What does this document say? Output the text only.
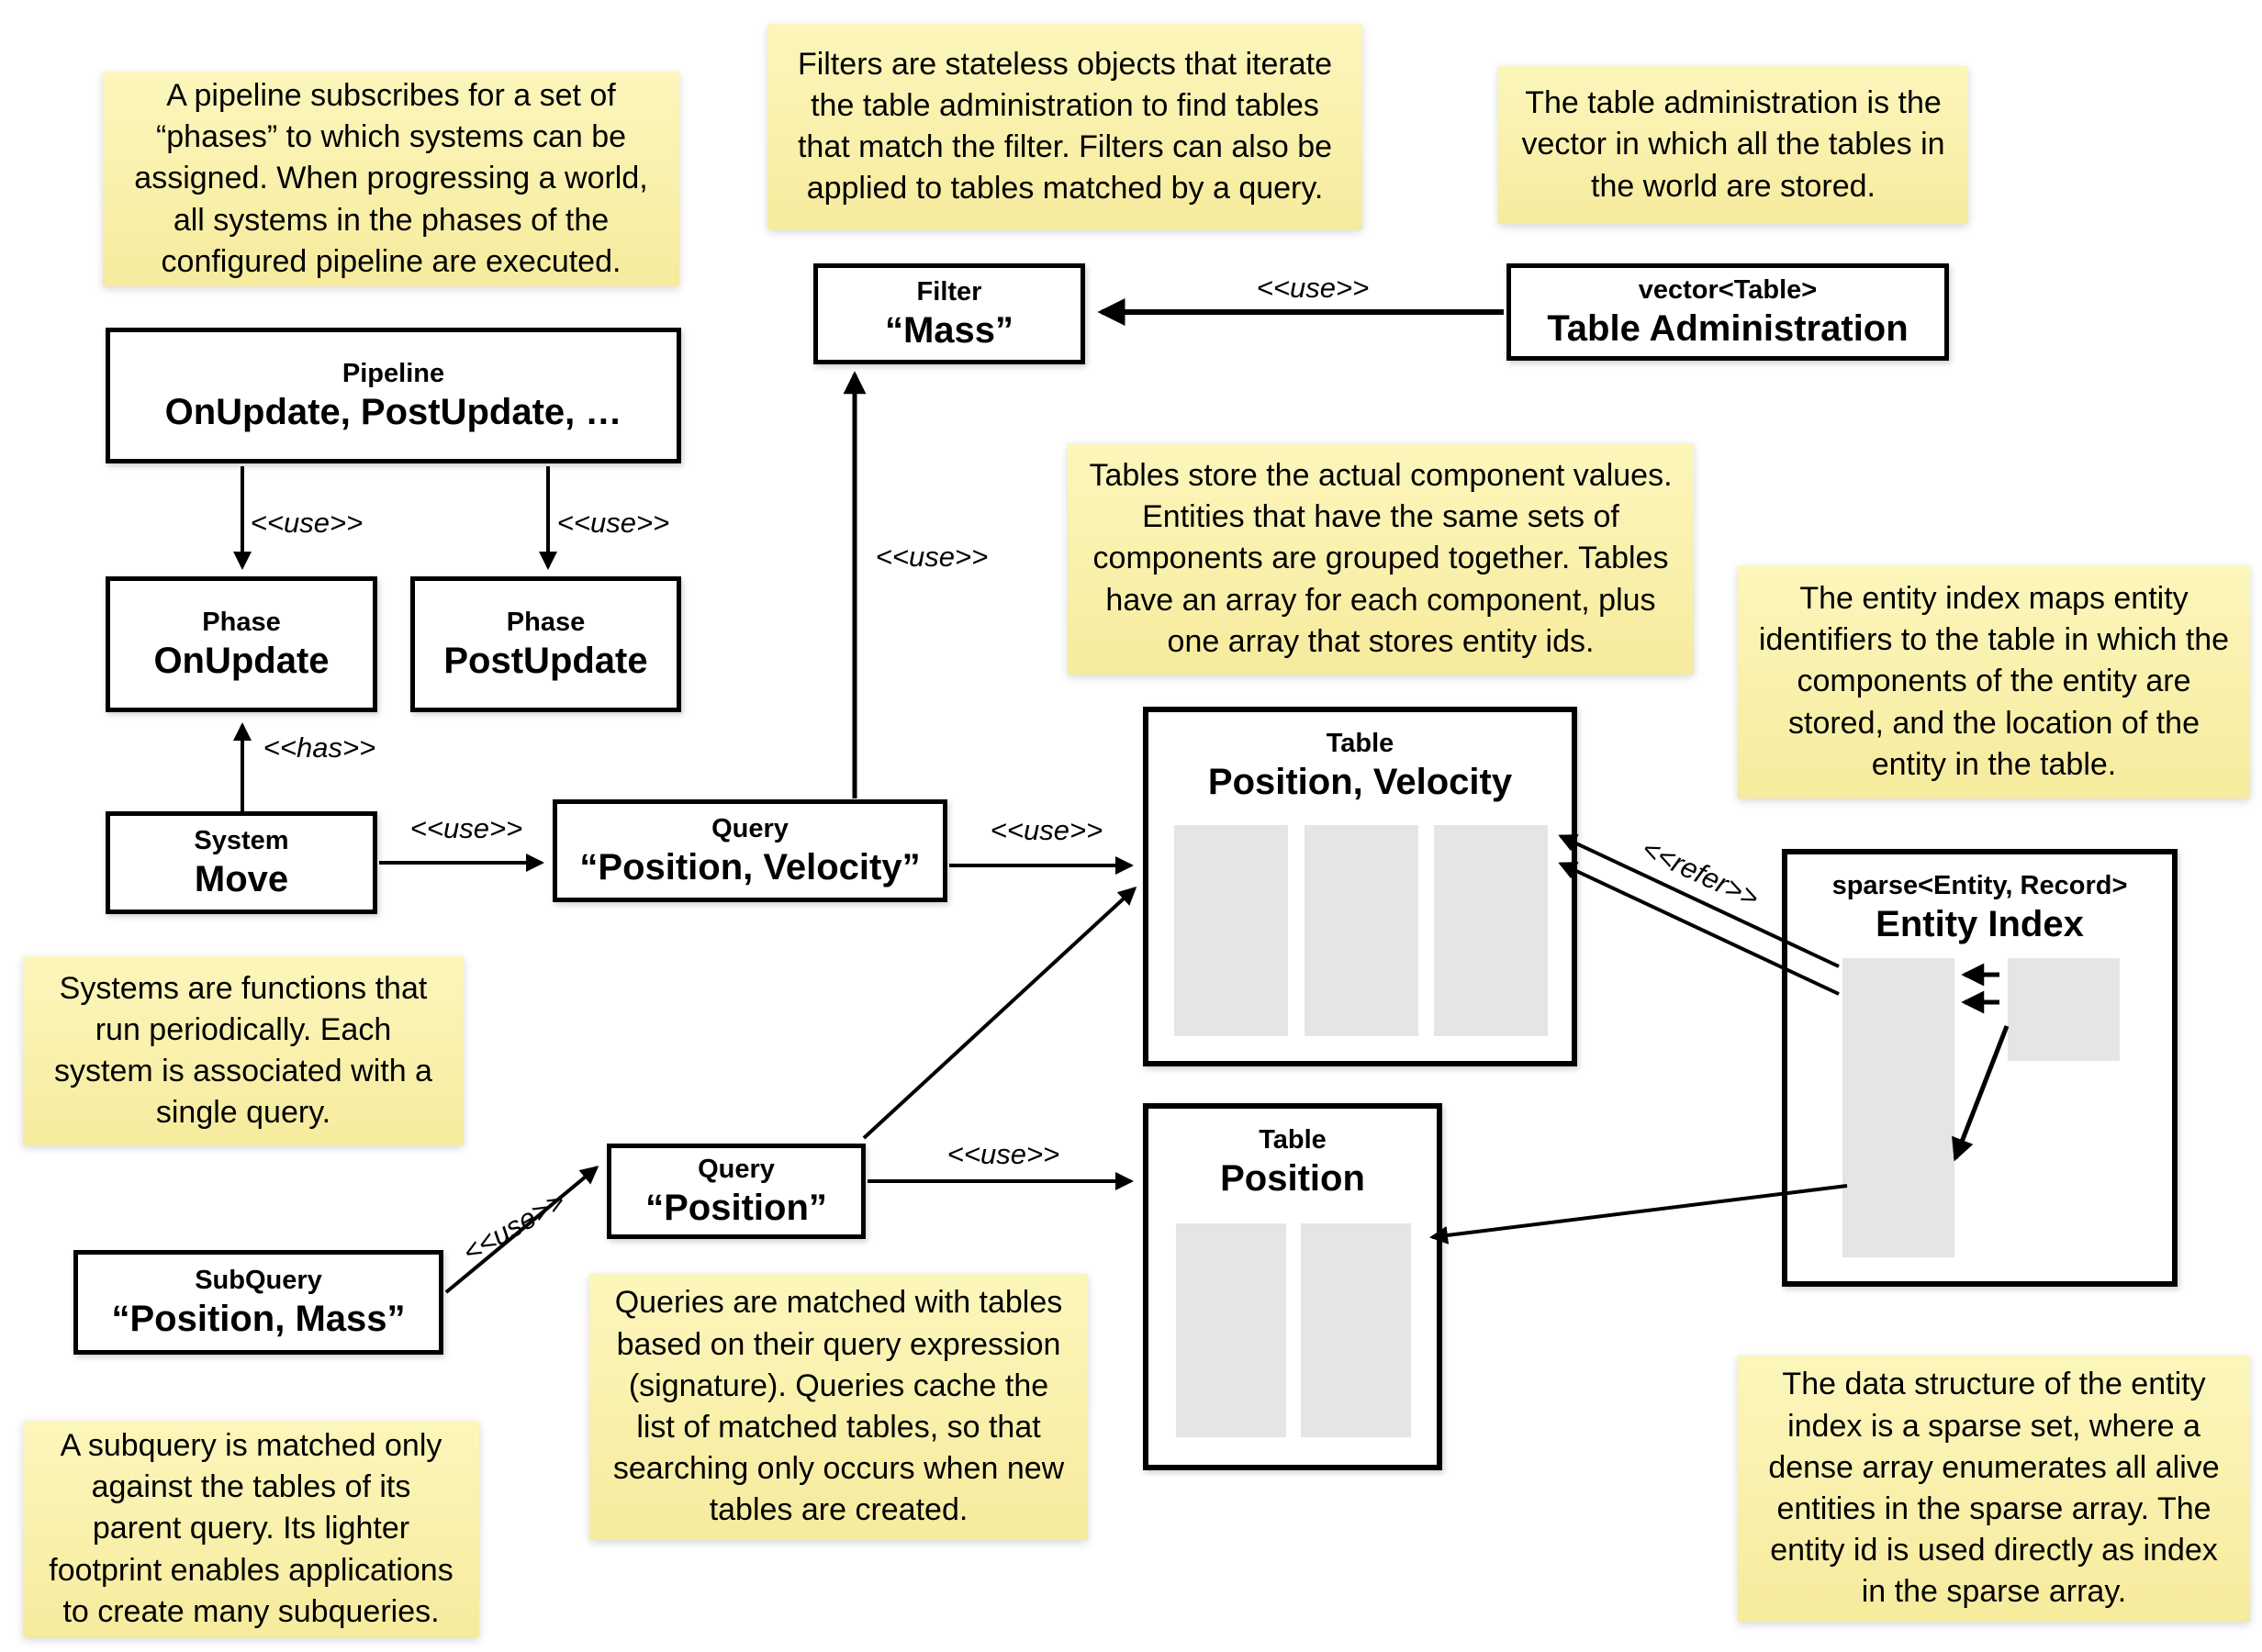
A pipeline subscribes for a set of “phases” to which systems can be assigned. When progressing a world, all systems in the phases of the configured pipeline are executed.
Filters are stateless objects that iterate the table administration to find tables that match the filter. Filters can also be applied to tables matched by a query.
The table administration is the vector in which all the tables in the world are stored.
Tables store the actual component values. Entities that have the same sets of components are grouped together. Tables have an array for each component, plus one array that stores entity ids.
The entity index maps entity identifiers to the table in which the components of the entity are stored, and the location of the entity in the table.
Systems are functions that run periodically. Each system is associated with a single query.
Queries are matched with tables based on their query expression (signature). Queries cache the list of matched tables, so that searching only occurs when new tables are created.
A subquery is matched only against the tables of its parent query. Its lighter footprint enables applications to create many subqueries.
The data structure of the entity index is a sparse set, where a dense array enumerates all alive entities in the sparse array. The entity id is used directly as index in the sparse array.
Pipeline
OnUpdate, PostUpdate, …
Phase
OnUpdate
Phase
PostUpdate
System
Move
Query
“Position, Velocity”
Filter
“Mass”
vector<Table>
Table Administration
Query
“Position”
SubQuery
“Position, Mass”
Table
Position, Velocity
Table
Position
sparse<Entity, Record>
Entity Index
<<use>>	<<use>>
<<has>>
<<use>>
<<use>>
<<use>>
<<use>>
<<use>>
<<use>>
<<refer>>
